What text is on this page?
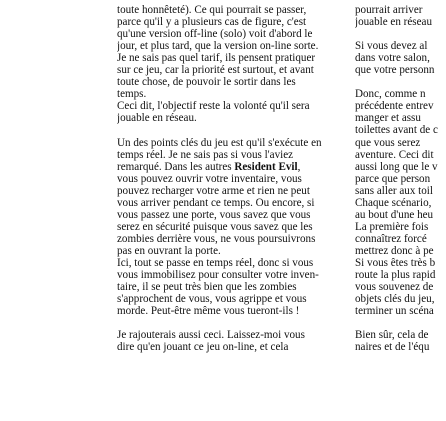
toute honnêteté). Ce qui pourrait se passer,
parce qu'il y a plusieurs cas de figure, c'est
qu'une version off-line (solo) voit d'abord le
jour, et plus tard, que la version on-line sorte.
Je ne sais pas quel tarif, ils pensent pratiquer
sur ce jeu, car la priorité est surtout, et avant
toute chose, de pouvoir le sortir dans les
temps.
Ceci dit, l'objectif reste la volonté qu'il sera
jouable en réseau.
Un des points clés du jeu est qu'il s'exécute en
temps réel. Je ne sais pas si vous l'aviez
remarqué. Dans les autres Resident Evil,
vous pouvez ouvrir votre inventaire, vous
pouvez recharger votre arme et rien ne peut
vous arriver pendant ce temps. Ou encore, si
vous passez une porte, vous savez que vous
serez en sécurité puisque vous savez que les
zombies derrière vous, ne vous poursuivrons
pas en ouvrant la porte.
Ici, tout se passe en temps réel, donc si vous
vous immobilisez pour consulter votre inven-
taire, il se peut très bien que les zombies
s'approchent de vous, vous agrippe et vous
morde. Peut-être même vous tueront-ils !
Je rajouterais aussi ceci. Laissez-moi vous
dire qu'en jouant ce jeu on-line, et cela
pourrait arriver
jouable en réseau
Si vous devez al
dans votre salon,
que votre personn
Donc, comme n
précédente entrev
manger et assu
toilettes avant de c
que vous serez
aventure. Ceci dit
aussi long que le v
parce que person
sans aller aux toil
Chaque scénario,
au bout d'une heu
La première fois
connaîtrez forcé
mettrez donc à pe
Si vous êtes très b
route la plus rapid
vous souvenez de
objets clés du jeu,
terminer un scéna
Bien sûr, cela de
naires et de l'équ
